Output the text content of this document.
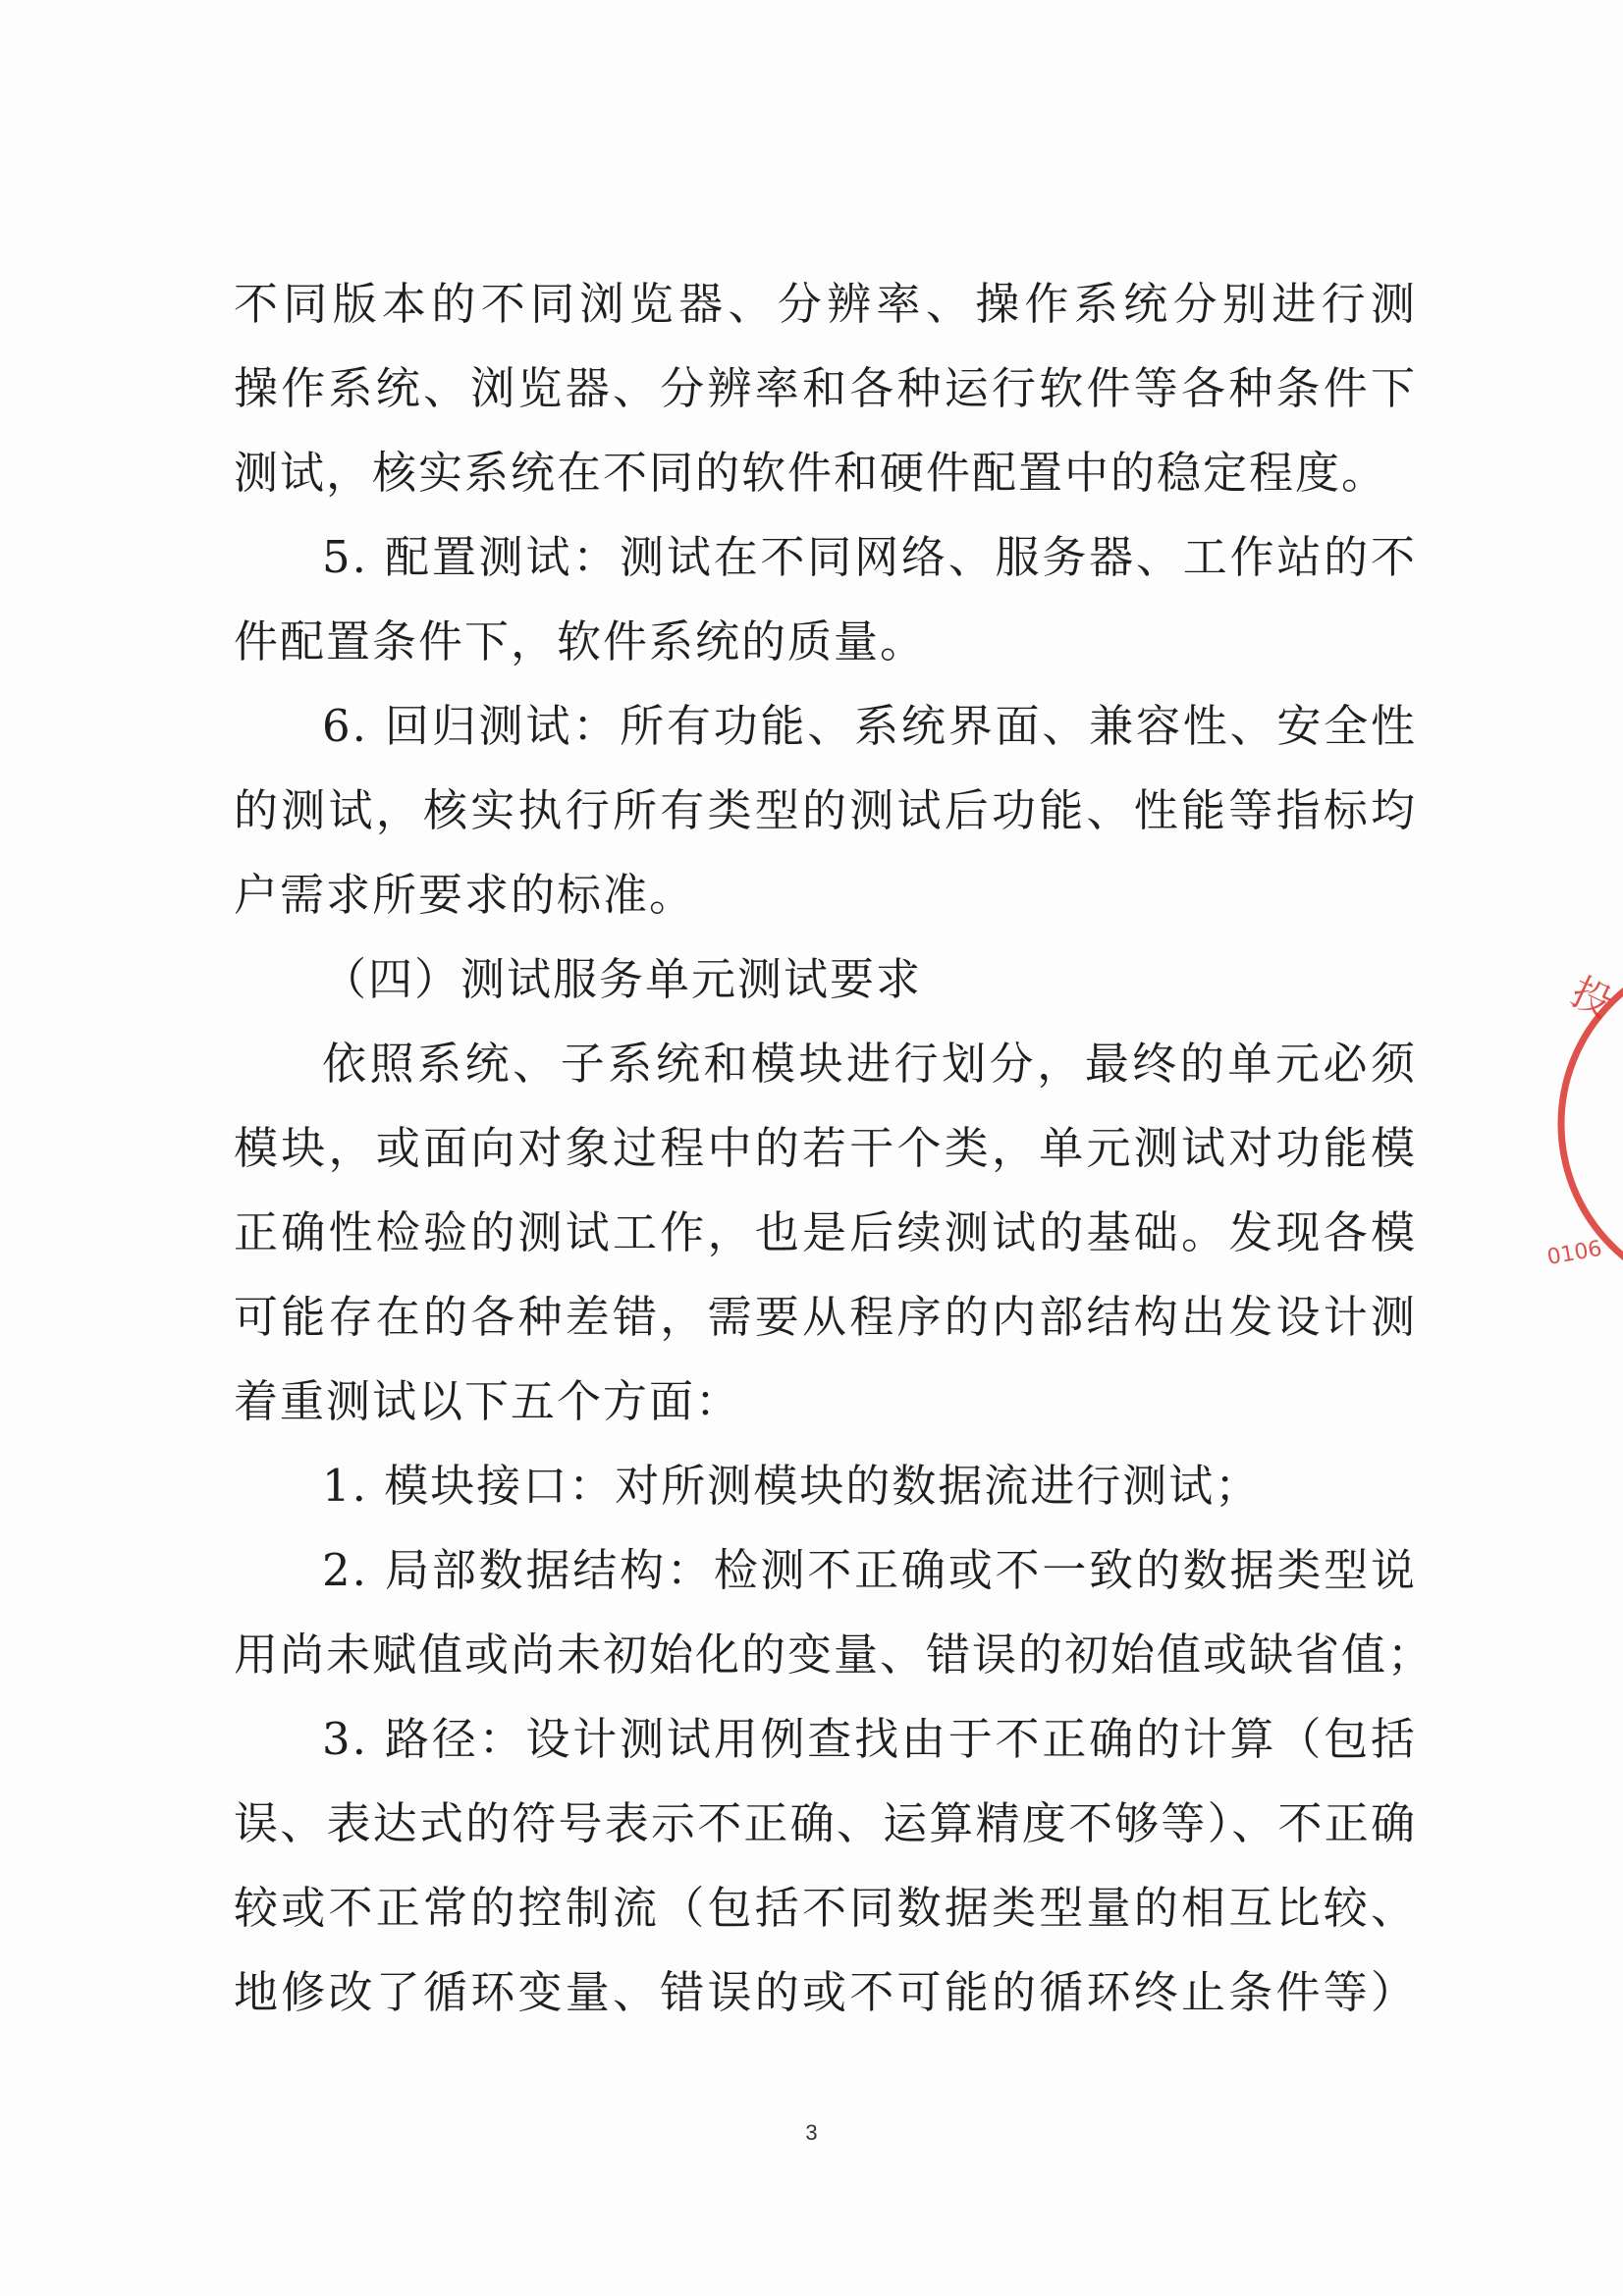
不同版本的不同浏览器、分辨率、操作系统分别进行测
操作系统、浏览器、分辨率和各种运行软件等各种条件下
测试，核实系统在不同的软件和硬件配置中的稳定程度。
5. 配置测试：测试在不同网络、服务器、工作站的不
件配置条件下，软件系统的质量。
6. 回归测试：所有功能、系统界面、兼容性、安全性
的测试，核实执行所有类型的测试后功能、性能等指标均
户需求所要求的标准。
（四）测试服务单元测试要求
依照系统、子系统和模块进行划分，最终的单元必须
模块，或面向对象过程中的若干个类，单元测试对功能模
正确性检验的测试工作，也是后续测试的基础。发现各模
可能存在的各种差错，需要从程序的内部结构出发设计测
着重测试以下五个方面：
1. 模块接口：对所测模块的数据流进行测试；
2. 局部数据结构：检测不正确或不一致的数据类型说
用尚未赋值或尚未初始化的变量、错误的初始值或缺省值；
3. 路径：设计测试用例查找由于不正确的计算（包括
误、表达式的符号表示不正确、运算精度不够等）、不正确
较或不正常的控制流（包括不同数据类型量的相互比较、
地修改了循环变量、错误的或不可能的循环终止条件等）
3
投
0106
